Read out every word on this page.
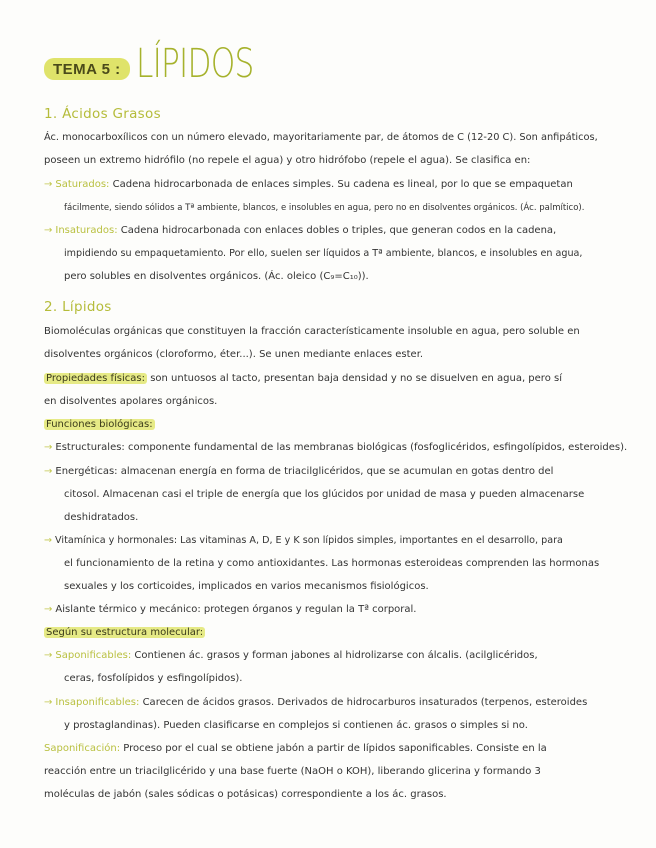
TEMA 5 : LÍPIDOS
1. Ácidos Grasos
Ác. monocarboxílicos con un número elevado, mayoritariamente par, de átomos de C (12-20 C). Son anfipáticos,
poseen un extremo hidrófilo (no repele el agua) y otro hidrófobo (repele el agua). Se clasifica en:
→ Saturados: Cadena hidrocarbonada de enlaces simples. Su cadena es lineal, por lo que se empaquetan
fácilmente, siendo sólidos a Tª ambiente, blancos, e insolubles en agua, pero no en disolventes orgánicos. (Ác. palmítico).
→ Insaturados: Cadena hidrocarbonada con enlaces dobles o triples, que generan codos en la cadena,
impidiendo su empaquetamiento. Por ello, suelen ser líquidos a Tª ambiente, blancos, e insolubles en agua,
pero solubles en disolventes orgánicos. (Ác. oleico (C₉=C₁₀)).
2. Lípidos
Biomoléculas orgánicas que constituyen la fracción característicamente insoluble en agua, pero soluble en
disolventes orgánicos (cloroformo, éter...). Se unen mediante enlaces ester.
Propiedades físicas: son untuosos al tacto, presentan baja densidad y no se disuelven en agua, pero sí
en disolventes apolares orgánicos.
Funciones biológicas:
→ Estructurales: componente fundamental de las membranas biológicas (fosfoglicéridos, esfingolípidos, esteroides).
→ Energéticas: almacenan energía en forma de triacilglicéridos, que se acumulan en gotas dentro del
citosol. Almacenan casi el triple de energía que los glúcidos por unidad de masa y pueden almacenarse
deshidratados.
→ Vitamínica y hormonales: Las vitaminas A, D, E y K son lípidos simples, importantes en el desarrollo, para
el funcionamiento de la retina y como antioxidantes. Las hormonas esteroideas comprenden las hormonas
sexuales y los corticoides, implicados en varios mecanismos fisiológicos.
→ Aislante térmico y mecánico: protegen órganos y regulan la Tª corporal.
Según su estructura molecular:
→ Saponificables: Contienen ác. grasos y forman jabones al hidrolizarse con álcalis. (acilglicéridos,
ceras, fosfolípidos y esfingolípidos).
→ Insaponificables: Carecen de ácidos grasos. Derivados de hidrocarburos insaturados (terpenos, esteroides
y prostaglandinas). Pueden clasificarse en complejos si contienen ác. grasos o simples si no.
Saponificación: Proceso por el cual se obtiene jabón a partir de lípidos saponificables. Consiste en la
reacción entre un triacilglicérido y una base fuerte (NaOH o KOH), liberando glicerina y formando 3
moléculas de jabón (sales sódicas o potásicas) correspondiente a los ác. grasos.
